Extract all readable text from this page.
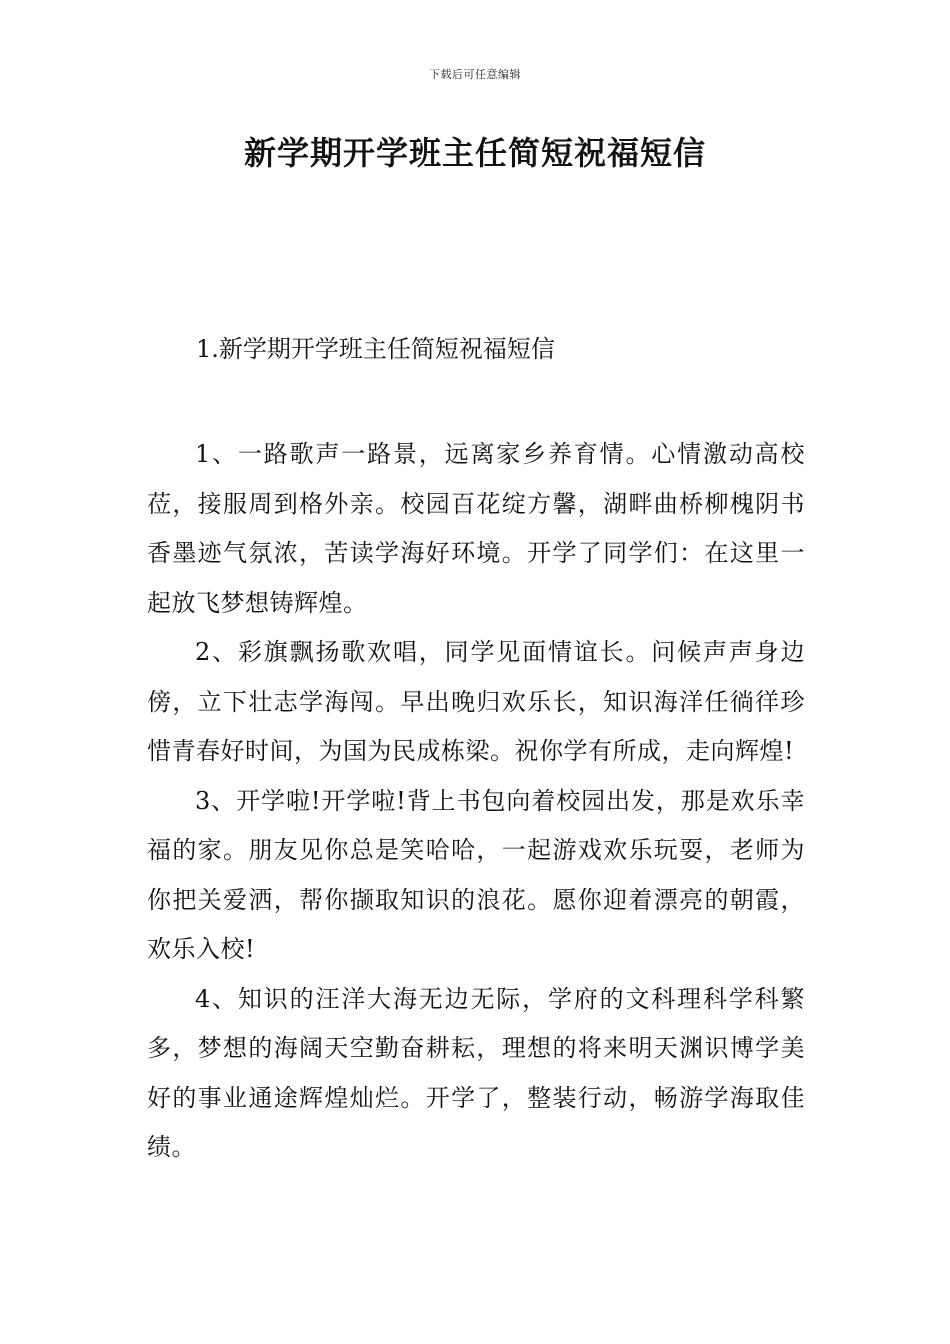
下载后可任意编辑
新学期开学班主任简短祝福短信
1.新学期开学班主任简短祝福短信

1、一路歌声一路景，远离家乡养育情。心情激动高校莅，接服周到格外亲。校园百花绽方馨，湖畔曲桥柳槐阴书香墨迹气氛浓，苦读学海好环境。开学了同学们：在这里一起放飞梦想铸辉煌。

2、彩旗飘扬歌欢唱，同学见面情谊长。问候声声身边傍，立下壮志学海闯。早出晚归欢乐长，知识海洋任徜徉珍惜青春好时间，为国为民成栋梁。祝你学有所成，走向辉煌!

3、开学啦!开学啦!背上书包向着校园出发，那是欢乐幸福的家。朋友见你总是笑哈哈，一起游戏欢乐玩耍，老师为你把关爱洒，帮你撷取知识的浪花。愿你迎着漂亮的朝霞，欢乐入校!

4、知识的汪洋大海无边无际，学府的文科理科学科繁多，梦想的海阔天空勤奋耕耘，理想的将来明天渊识博学美好的事业通途辉煌灿烂。开学了，整装行动，畅游学海取佳绩。
